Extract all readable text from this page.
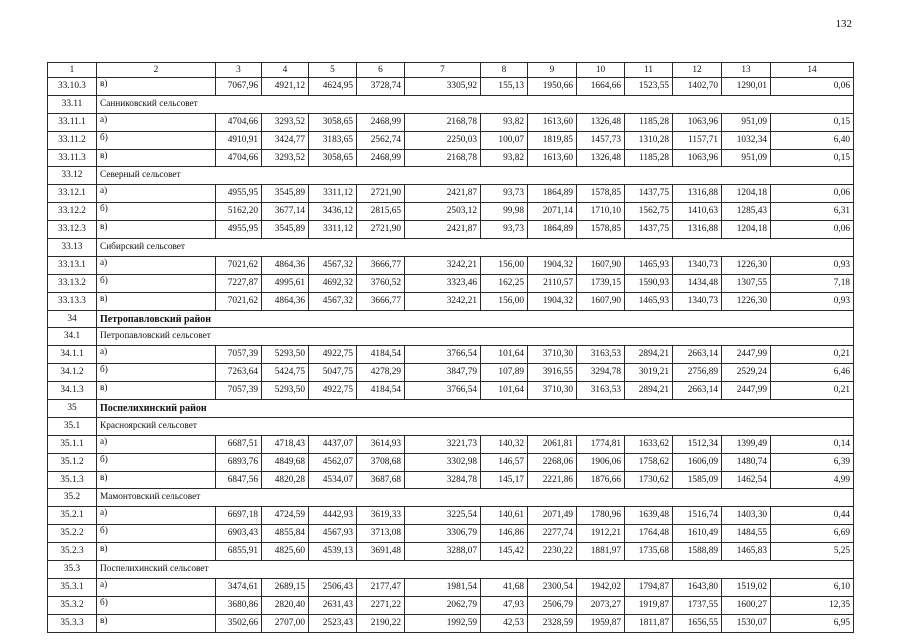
132
1	2	3	4	5	6	7	8	9	10	11	12	13	14
33.10.3	в)	7067,96	4921,12	4624,95	3728,74	3305,92	155,13	1950,66	1664,66	1523,55	1402,70	1290,01	0,06
33.11	Санниковский сельсовет												
33.11.1	а)	4704,66	3293,52	3058,65	2468,99	2168,78	93,82	1613,60	1326,48	1185,28	1063,96	951,09	0,15
33.11.2	б)	4910,91	3424,77	3183,65	2562,74	2250,03	100,07	1819,85	1457,73	1310,28	1157,71	1032,34	6,40
33.11.3	в)	4704,66	3293,52	3058,65	2468,99	2168,78	93,82	1613,60	1326,48	1185,28	1063,96	951,09	0,15
33.12	Северный сельсовет												
33.12.1	а)	4955,95	3545,89	3311,12	2721,90	2421,87	93,73	1864,89	1578,85	1437,75	1316,88	1204,18	0,06
33.12.2	б)	5162,20	3677,14	3436,12	2815,65	2503,12	99,98	2071,14	1710,10	1562,75	1410,63	1285,43	6,31
33.12.3	в)	4955,95	3545,89	3311,12	2721,90	2421,87	93,73	1864,89	1578,85	1437,75	1316,88	1204,18	0,06
33.13	Сибирский сельсовет												
33.13.1	а)	7021,62	4864,36	4567,32	3666,77	3242,21	156,00	1904,32	1607,90	1465,93	1340,73	1226,30	0,93
33.13.2	б)	7227,87	4995,61	4692,32	3760,52	3323,46	162,25	2110,57	1739,15	1590,93	1434,48	1307,55	7,18
33.13.3	в)	7021,62	4864,36	4567,32	3666,77	3242,21	156,00	1904,32	1607,90	1465,93	1340,73	1226,30	0,93
34	Петропавловский район												
34.1	Петропавловский сельсовет												
34.1.1	а)	7057,39	5293,50	4922,75	4184,54	3766,54	101,64	3710,30	3163,53	2894,21	2663,14	2447,99	0,21
34.1.2	б)	7263,64	5424,75	5047,75	4278,29	3847,79	107,89	3916,55	3294,78	3019,21	2756,89	2529,24	6,46
34.1.3	в)	7057,39	5293,50	4922,75	4184,54	3766,54	101,64	3710,30	3163,53	2894,21	2663,14	2447,99	0,21
35	Поспелихинский район												
35.1	Красноярский сельсовет												
35.1.1	а)	6687,51	4718,43	4437,07	3614,93	3221,73	140,32	2061,81	1774,81	1633,62	1512,34	1399,49	0,14
35.1.2	б)	6893,76	4849,68	4562,07	3708,68	3302,98	146,57	2268,06	1906,06	1758,62	1606,09	1480,74	6,39
35.1.3	в)	6847,56	4820,28	4534,07	3687,68	3284,78	145,17	2221,86	1876,66	1730,62	1585,09	1462,54	4,99
35.2	Мамонтовский сельсовет												
35.2.1	а)	6697,18	4724,59	4442,93	3619,33	3225,54	140,61	2071,49	1780,96	1639,48	1516,74	1403,30	0,44
35.2.2	б)	6903,43	4855,84	4567,93	3713,08	3306,79	146,86	2277,74	1912,21	1764,48	1610,49	1484,55	6,69
35.2.3	в)	6855,91	4825,60	4539,13	3691,48	3288,07	145,42	2230,22	1881,97	1735,68	1588,89	1465,83	5,25
35.3	Поспелихинский сельсовет												
35.3.1	а)	3474,61	2689,15	2506,43	2177,47	1981,54	41,68	2300,54	1942,02	1794,87	1643,80	1519,02	6,10
35.3.2	б)	3680,86	2820,40	2631,43	2271,22	2062,79	47,93	2506,79	2073,27	1919,87	1737,55	1600,27	12,35
35.3.3	в)	3502,66	2707,00	2523,43	2190,22	1992,59	42,53	2328,59	1959,87	1811,87	1656,55	1530,07	6,95
